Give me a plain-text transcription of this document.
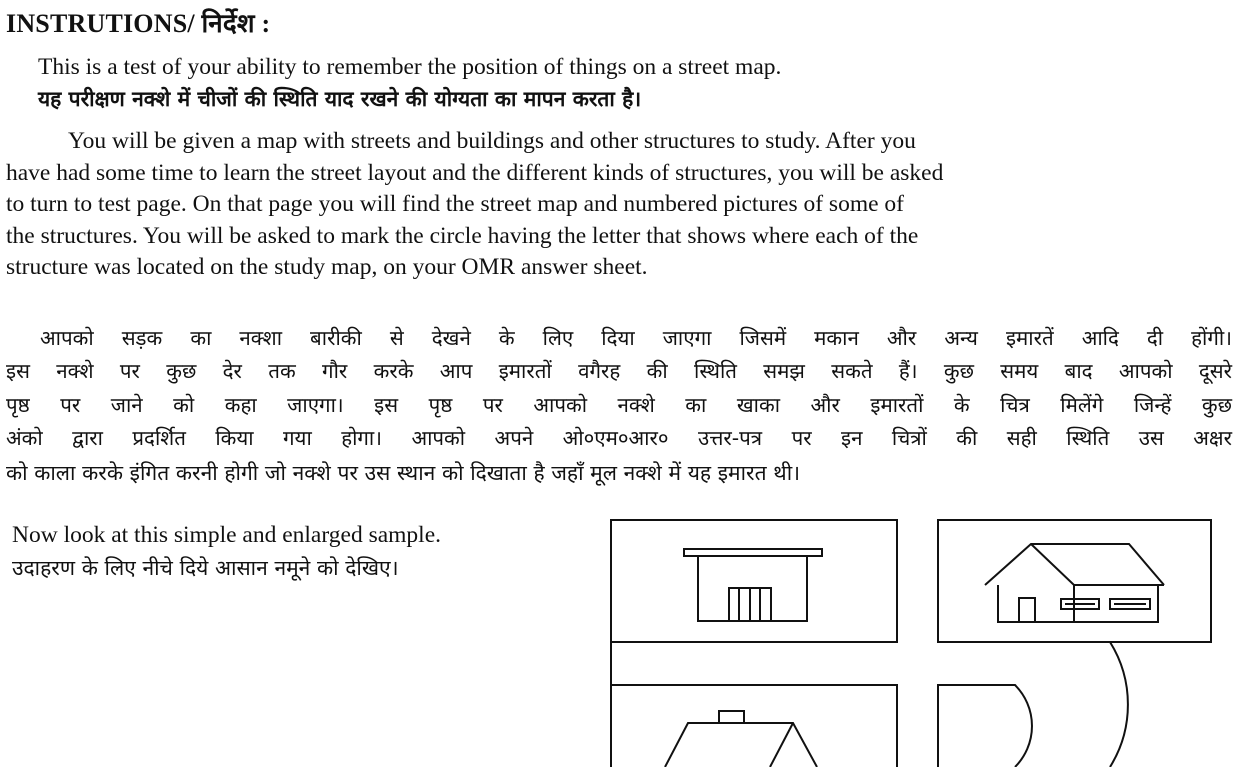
INSTRUTIONS/ निर्देश :
This is a test of your ability to remember the position of things on a street map.
यह परीक्षण नक्शे में चीजों की स्थिति याद रखने की योग्यता का मापन करता है।
You will be given a map with streets and buildings and other structures to study. After you
have had some time to learn the street layout and the different kinds of structures, you will be asked
to turn to test page. On that page you will find the street map and numbered pictures of some of
the structures. You will be asked to mark the circle having the letter that shows where each of the
structure was located on the study map, on your OMR answer sheet.
आपको सड़क का नक्शा बारीकी से देखने के लिए दिया जाएगा जिसमें मकान और अन्य इमारतें आदि दी होंगी।
इस नक्शे पर कुछ देर तक गौर करके आप इमारतों वगैरह की स्थिति समझ सकते हैं। कुछ समय बाद आपको दूसरे
पृष्ठ पर जाने को कहा जाएगा। इस पृष्ठ पर आपको नक्शे का खाका और इमारतों के चित्र मिलेंगे जिन्हें कुछ
अंको द्वारा प्रदर्शित किया गया होगा। आपको अपने ओ०एम०आर० उत्तर-पत्र पर इन चित्रों की सही स्थिति उस अक्षर
को काला करके इंगित करनी होगी जो नक्शे पर उस स्थान को दिखाता है जहाँ मूल नक्शे में यह इमारत थी।
Now look at this simple and enlarged sample.
उदाहरण के लिए नीचे दिये आसान नमूने को देखिए।
